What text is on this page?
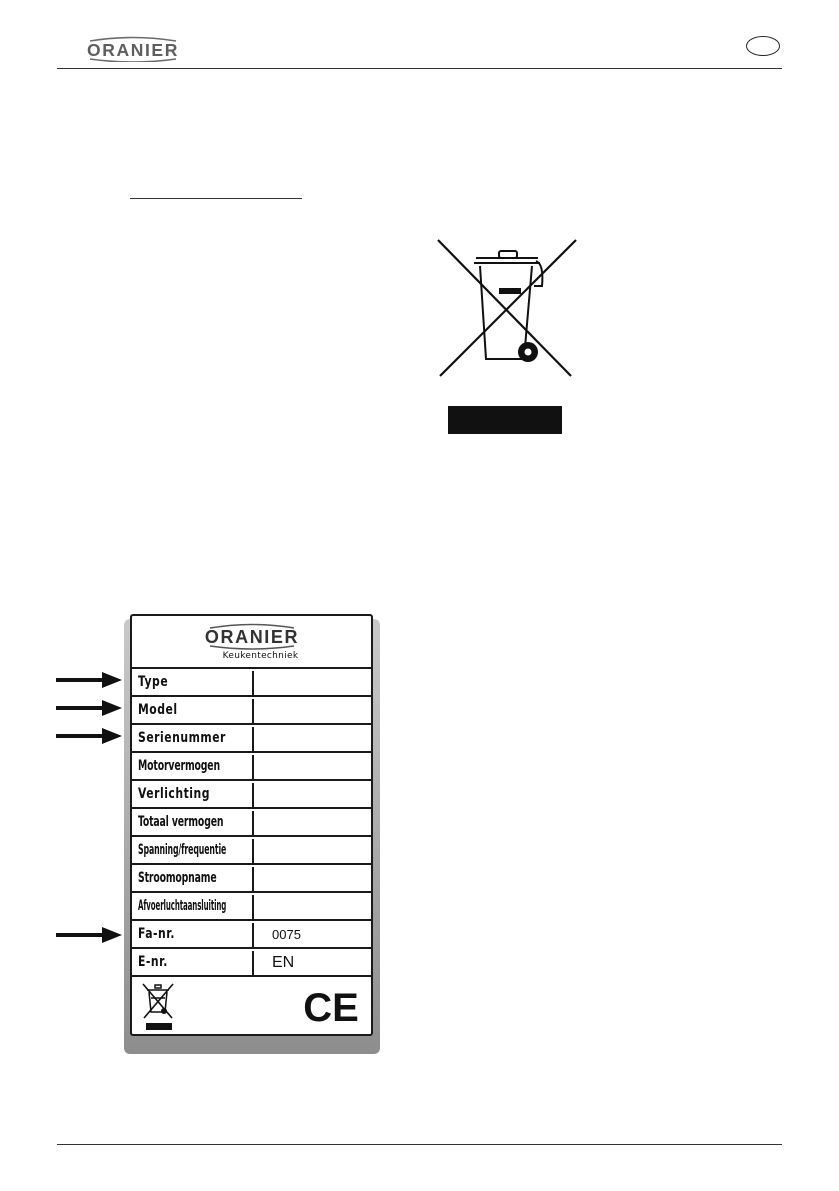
ORANIER
ORANIER
Keukentechniek
Type
Model
Serienummer
Motorvermogen
Verlichting
Totaal vermogen
Spanning/frequentie
Stroomopname
Afvoerluchtaansluiting
Fa-nr.	0075
E-nr.	EN
CE
